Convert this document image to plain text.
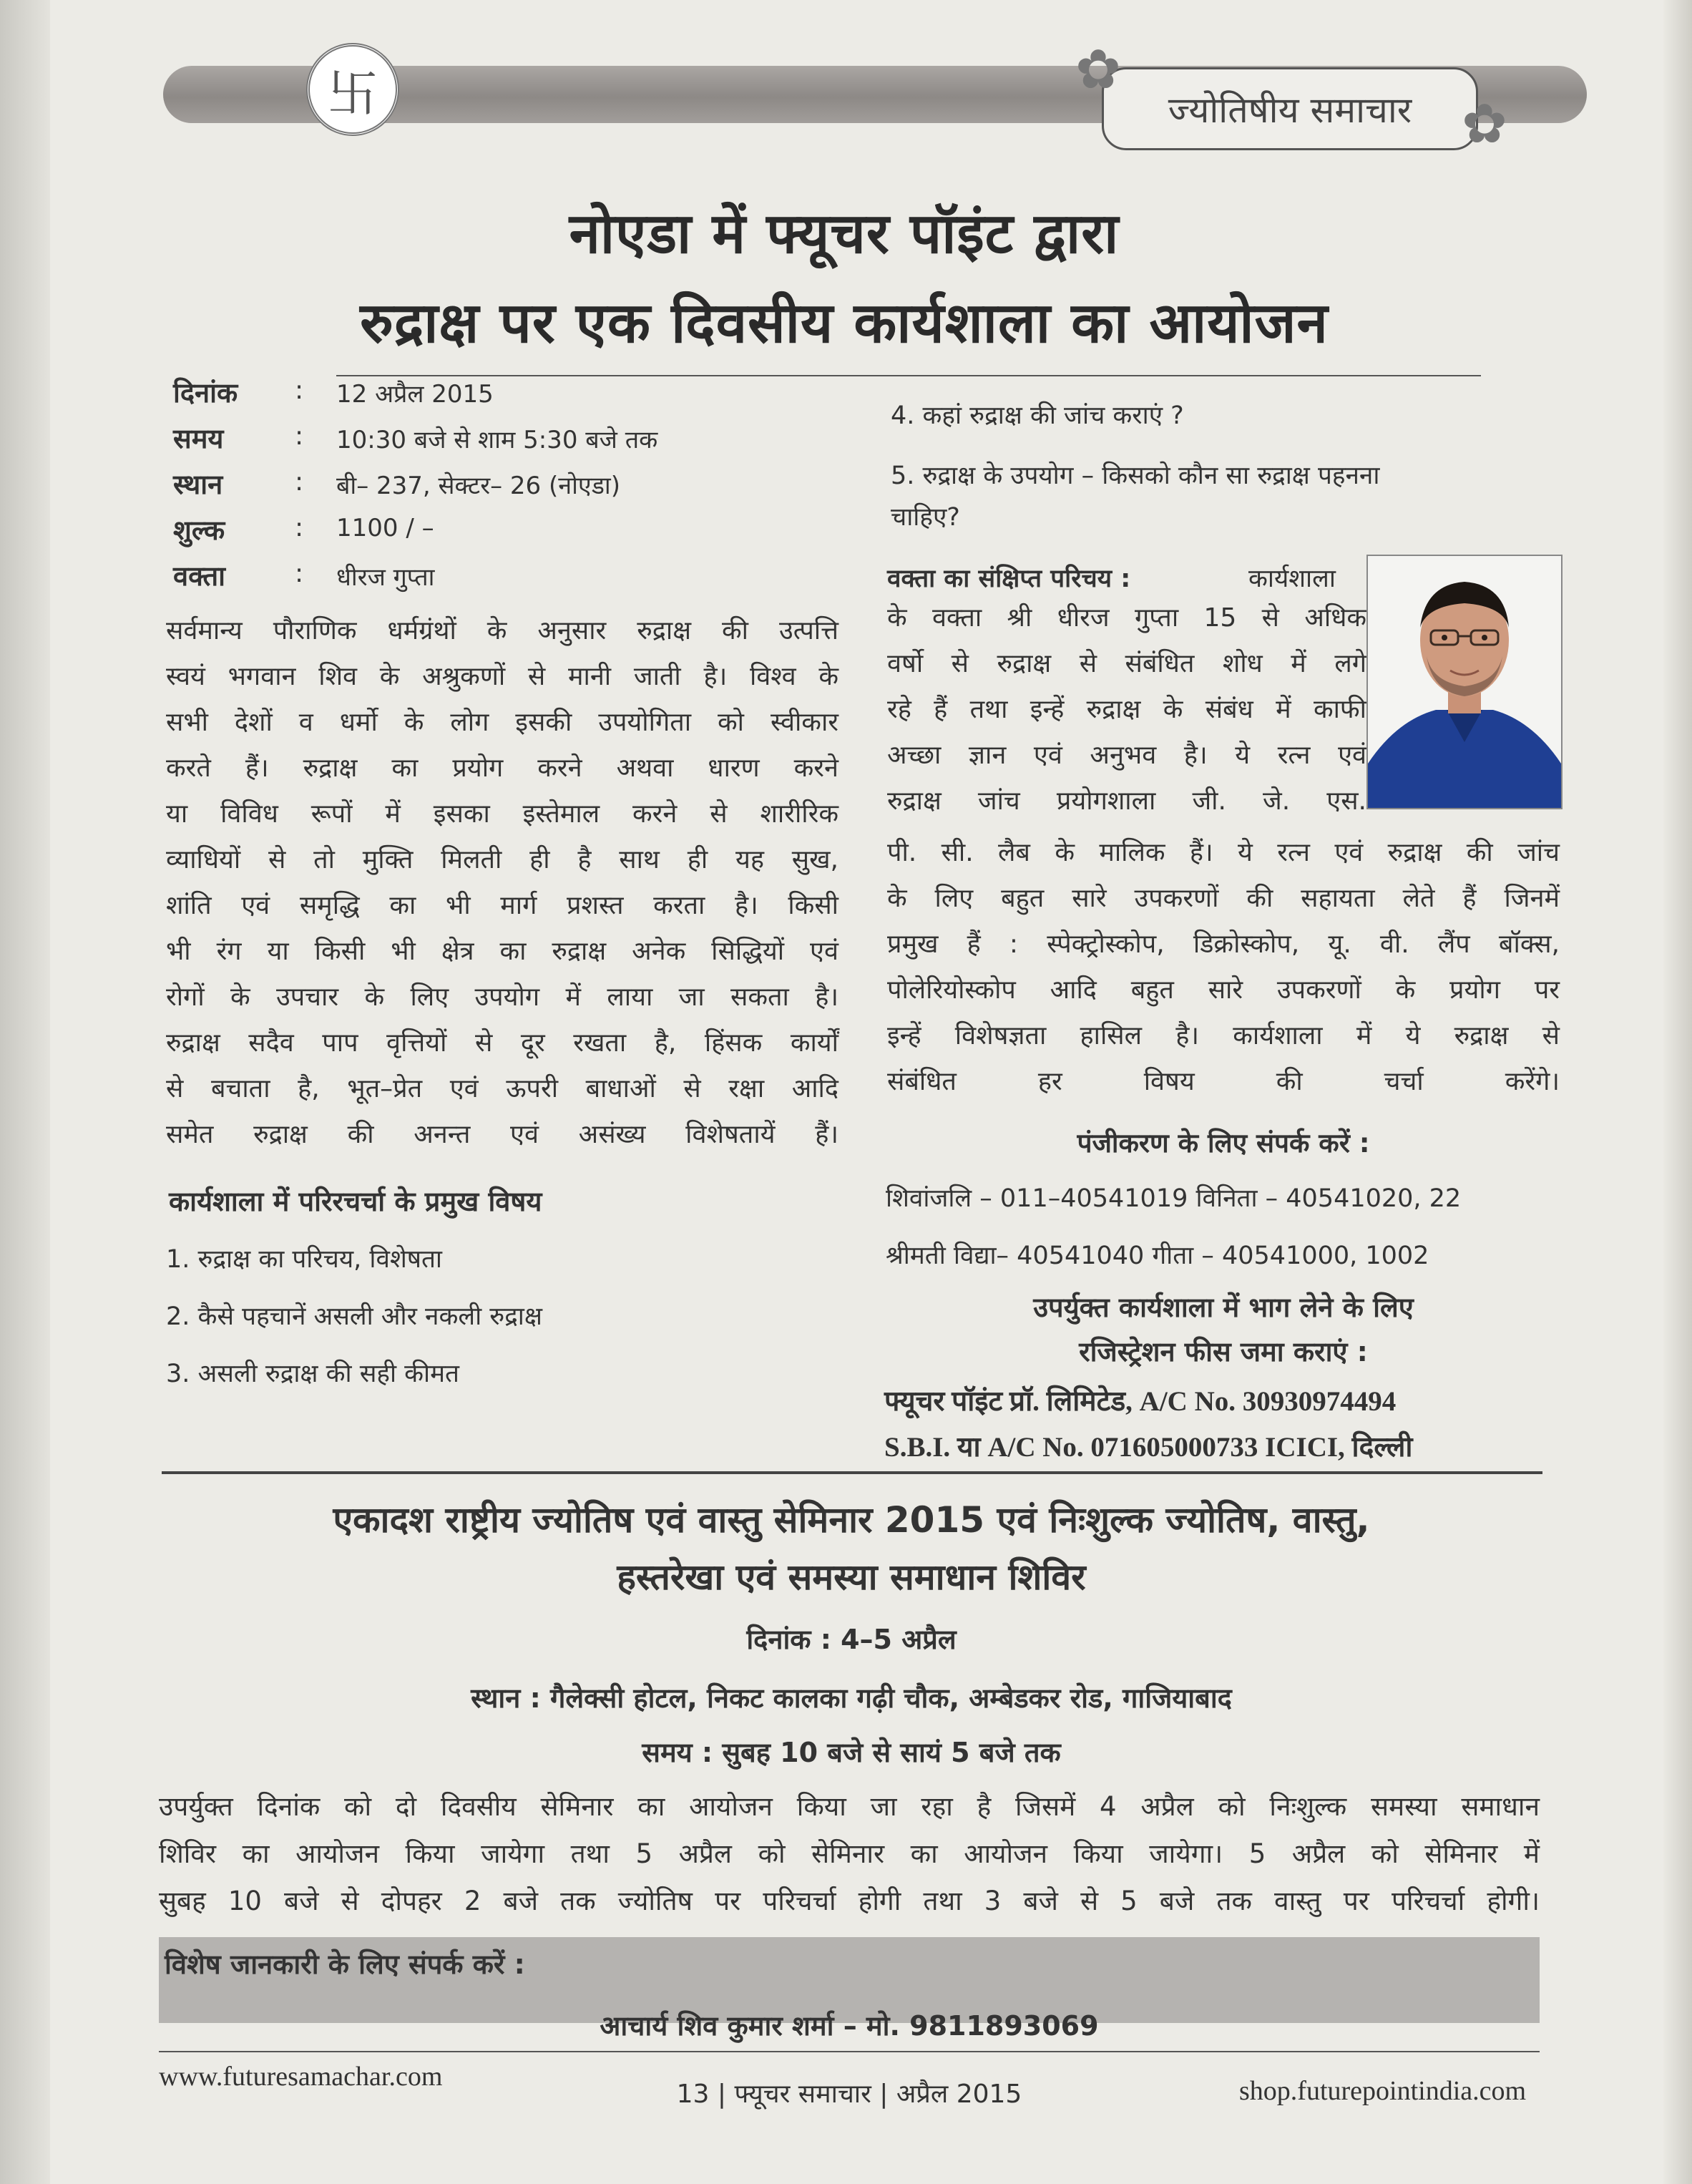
卐	ज्योतिषीय समाचार
✿
✿
नोएडा में फ्यूचर पॉइंट द्वारा
रुद्राक्ष पर एक दिवसीय कार्यशाला का आयोजन
दिनांक : 12 अप्रैल 2015
समय	: 10:30 बजे से शाम 5:30 बजे तक
स्थान	: बी– 237, सेक्टर– 26 (नोएडा)
शुल्क	: 1100 / –
वक्ता	: धीरज गुप्ता
सर्वमान्य पौराणिक धर्मग्रंथों के अनुसार रुद्राक्ष की उत्पत्ति
स्वयं भगवान शिव के अश्रुकणों से मानी जाती है। विश्व के
सभी देशों व धर्मो के लोग इसकी उपयोगिता को स्वीकार
करते हैं। रुद्राक्ष का प्रयोग करने अथवा धारण करने
या विविध रूपों में इसका इस्तेमाल करने से शारीरिक
व्याधियों से तो मुक्ति मिलती ही है साथ ही यह सुख,
शांति एवं समृद्धि का भी मार्ग प्रशस्त करता है। किसी
भी रंग या किसी भी क्षेत्र का रुद्राक्ष अनेक सिद्धियों एवं
रोगों के उपचार के लिए उपयोग में लाया जा सकता है।
रुद्राक्ष सदैव पाप वृत्तियों से दूर रखता है, हिंसक कार्यों
से बचाता है, भूत–प्रेत एवं ऊपरी बाधाओं से रक्षा आदि
समेत रुद्राक्ष की अनन्त एवं असंख्य विशेषतायें हैं।
कार्यशाला में परिरचर्चा के प्रमुख विषय
1. रुद्राक्ष का परिचय, विशेषता
2. कैसे पहचानें असली और नकली रुद्राक्ष
3. असली रुद्राक्ष की सही कीमत
4. कहां रुद्राक्ष की जांच कराएं ?
5. रुद्राक्ष के उपयोग – किसको कौन सा रुद्राक्ष पहनना
चाहिए?
वक्ता का संक्षिप्त परिचय :	कार्यशाला
के वक्ता श्री धीरज गुप्ता 15 से अधिक
वर्षो से रुद्राक्ष से संबंधित शोध में लगे
रहे हैं तथा इन्हें रुद्राक्ष के संबंध में काफी
अच्छा ज्ञान एवं अनुभव है। ये रत्न एवं
रुद्राक्ष जांच प्रयोगशाला जी. जे. एस.
पी. सी. लैब के मालिक हैं। ये रत्न एवं रुद्राक्ष की जांच
के लिए बहुत सारे उपकरणों की सहायता लेते हैं जिनमें
प्रमुख हैं : स्पेक्ट्रोस्कोप, डिक्रोस्कोप, यू. वी. लैंप बॉक्स,
पोलेरियोस्कोप आदि बहुत सारे उपकरणों के प्रयोग पर
इन्हें विशेषज्ञता हासिल है। कार्यशाला में ये रुद्राक्ष से
संबंधित हर विषय की चर्चा करेंगे।
पंजीकरण के लिए संपर्क करें :
शिवांजलि – 011–40541019 विनिता – 40541020, 22
श्रीमती विद्या– 40541040 गीता – 40541000, 1002
उपर्युक्त कार्यशाला में भाग लेने के लिए
रजिस्ट्रेशन फीस जमा कराएं :
फ्यूचर पॉइंट प्रॉ. लिमिटेड, A/C No. 30930974494
S.B.I. या A/C No. 071605000733 ICICI, दिल्ली
एकादश राष्ट्रीय ज्योतिष एवं वास्तु सेमिनार 2015 एवं निःशुल्क ज्योतिष, वास्तु,
हस्तरेखा एवं समस्या समाधान शिविर
दिनांक : 4–5 अप्रैल
स्थान : गैलेक्सी होटल, निकट कालका गढ़ी चौक, अम्बेडकर रोड, गाजियाबाद
समय : सुबह 10 बजे से सायं 5 बजे तक
उपर्युक्त दिनांक को दो दिवसीय सेमिनार का आयोजन किया जा रहा है जिसमें 4 अप्रैल को निःशुल्क समस्या समाधान
शिविर का आयोजन किया जायेगा तथा 5 अप्रैल को सेमिनार का आयोजन किया जायेगा। 5 अप्रैल को सेमिनार में
सुबह 10 बजे से दोपहर 2 बजे तक ज्योतिष पर परिचर्चा होगी तथा 3 बजे से 5 बजे तक वास्तु पर परिचर्चा होगी।
विशेष जानकारी के लिए संपर्क करें :
आचार्य शिव कुमार शर्मा – मो. 9811893069
www.futuresamachar.com
13 | फ्यूचर समाचार | अप्रैल 2015	shop.futurepointindia.com
